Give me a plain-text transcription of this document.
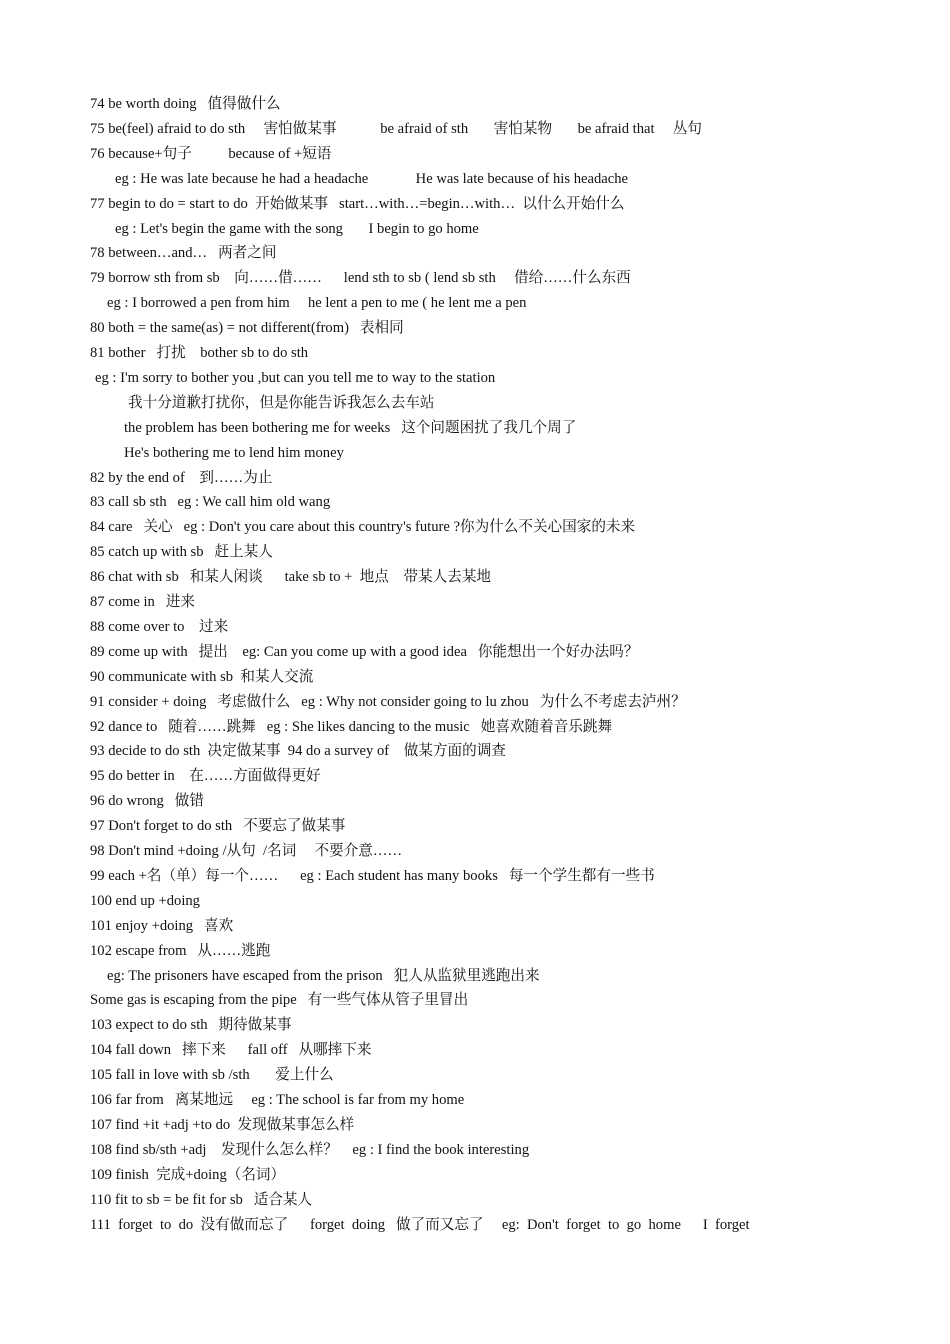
74 be worth doing   值得做什么
75 be(feel) afraid to do sth     害怕做某事            be afraid of sth       害怕某物       be afraid that     丛句
76 because+句子          because of +短语
eg : He was late because he had a headache             He was late because of his headache
77 begin to do = start to do  开始做某事   start…with…=begin…with…  以什么开始什么
eg : Let's begin the game with the song       I begin to go home
78 between…and…   两者之间
79 borrow sth from sb    向……借……      lend sth to sb ( lend sb sth     借给……什么东西
eg : I borrowed a pen from him     he lent a pen to me ( he lent me a pen
80 both = the same(as) = not different(from)   表相同
81 bother   打扰    bother sb to do sth
eg : I'm sorry to bother you ,but can you tell me to way to the station
我十分道歉打扰你，但是你能告诉我怎么去车站
the problem has been bothering me for weeks   这个问题困扰了我几个周了
He's bothering me to lend him money
82 by the end of    到……为止
83 call sb sth   eg : We call him old wang
84 care   关心   eg : Don't you care about this country's future ?你为什么不关心国家的未来
85 catch up with sb   赶上某人
86 chat with sb   和某人闲谈      take sb to +  地点    带某人去某地
87 come in   进来
88 come over to    过来
89 come up with   提出    eg: Can you come up with a good idea   你能想出一个好办法吗？
90 communicate with sb  和某人交流
91 consider + doing   考虑做什么   eg : Why not consider going to lu zhou   为什么不考虑去泸州？
92 dance to   随着……跳舞   eg : She likes dancing to the music   她喜欢随着音乐跳舞
93 decide to do sth  决定做某事  94 do a survey of    做某方面的调查
95 do better in    在……方面做得更好
96 do wrong   做错
97 Don't forget to do sth   不要忘了做某事
98 Don't mind +doing /从句  /名词     不要介意……
99 each +名（单）每一个……      eg : Each student has many books   每一个学生都有一些书
100 end up +doing
101 enjoy +doing   喜欢
102 escape from   从……逃跑
eg: The prisoners have escaped from the prison   犯人从监狱里逃跑出来
Some gas is escaping from the pipe   有一些气体从管子里冒出
103 expect to do sth   期待做某事
104 fall down   摔下来      fall off   从哪摔下来
105 fall in love with sb /sth       爱上什么
106 far from   离某地远     eg : The school is far from my home
107 find +it +adj +to do  发现做某事怎么样
108 find sb/sth +adj    发现什么怎么样？    eg : I find the book interesting
109 finish  完成+doing（名词）
110 fit to sb = be fit for sb   适合某人
111  forget  to  do  没有做而忘了      forget  doing   做了而又忘了     eg:  Don't  forget  to  go  home      I  forget
